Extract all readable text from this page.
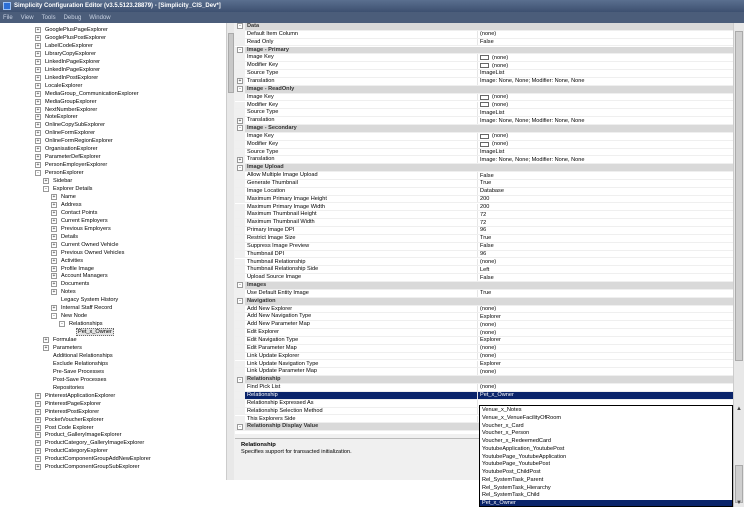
Simplicity Configuration Editor (v3.5.5123.28879) - [Simplicity_CIS_Dev*]
File View Tools Debug Window
+ GooglePlusPageExplorer
+ GooglePlusPostExplorer
+ LabelCodeExplorer
+ LibraryCopyExplorer
+ LinkedInPageExplorer
+ LinkedInPageExplorer
+ LinkedInPostExplorer
+ LocaleExplorer
+ MediaGroup_CommunicationExplorer
+ MediaGroupExplorer
+ NextNumberExplorer
+ NoteExplorer
+ OnlineCopySubExplorer
+ OnlineFormExplorer
+ OnlineFormRegionExplorer
+ OrganisationExplorer
+ ParameterDefExplorer
+ PersonEmployerExplorer
-	PersonExplorer
+ Sidebar
-	Explorer Details
+ Name
+ Address
+ Contact Points
+ Current Employers
+ Previous Employers
+ Details
+ Current Owned Vehicle
+ Previous Owned Vehicles
+ Activities
+ Profile Image
+ Account Managers
+ Documents
+ Notes
Legacy System History
+ Internal Staff Record
-	New Node
-	Relationships
Pet_x_Owner
+ Formulae
+ Parameters
Additional Relationships
Exclude Relationships
Pre-Save Processes
Post-Save Processes
Repositories
+ PinterestApplicationExplorer
+ PinterestPageExplorer
+ PinterestPostExplorer
+ PocketVoucherExplorer
+ Post Code Explorer
+ Product_GalleryImageExplorer
+ ProductCategory_GalleryImageExplorer
+ ProductCategoryExplorer
+ ProductComponentGroupAddNewExplorer
+ ProductComponentGroupSubExplorer
-	Data
Default Item Column	(none)
Read Only	False
-	Image - Primary
Image Key	(none)
Modifier Key	(none)
Source Type	ImageList
+ Translation	Image: None, None; Modifier: None, None
-	Image - ReadOnly
Image Key	(none)
Modifier Key	(none)
Source Type	ImageList
+ Translation	Image: None, None; Modifier: None, None
-	Image - Secondary
Image Key	(none)
Modifier Key	(none)
Source Type	ImageList
+ Translation	Image: None, None; Modifier: None, None
-	Image Upload
Allow Multiple Image Upload	False
Generate Thumbnail	True
Image Location	Database
Maximum Primary Image Height	200
Maximum Primary Image Width	200
Maximum Thumbnail Height	72
Maximum Thumbnail Width	72
Primary Image DPI	96
Restrict Image Size	True
Suppress Image Preview	False
Thumbnail DPI	96
Thumbnail Relationship	(none)
Thumbnail Relationship Side	Left
Upload Source Image	False
-	Images
Use Default Entity Image	True
-	Navigation
Add New Explorer	(none)
Add New Navigation Type	Explorer
Add New Parameter Map	(none)
Edit Explorer	(none)
Edit Navigation Type	Explorer
Edit Parameter Map	(none)
Link Update Explorer	(none)
Link Update Navigation Type	Explorer
Link Update Parameter Map	(none)
-	Relationship
Find Pick List	(none)
Relationship	Pet_x_Owner
Relationship Expressed As
Relationship Selection Method
This Explorers Side
-	Relationship Display Value
Relationship
Specifies support for transacted initialization.
Venue_x_Notes
Venue_x_VenueFacilityOfRoom
Voucher_x_Card
Voucher_x_Person
Voucher_x_RedeemedCard
YoutubeApplication_YoutubePost
YoutubePage_YoutubeApplication
YoutubePage_YoutubePost
YoutubePost_ChildPost
Rel_SystemTask_Parent
Rel_SystemTask_Hierarchy
Rel_SystemTask_Child
Pet_x_Owner
▲
▼
